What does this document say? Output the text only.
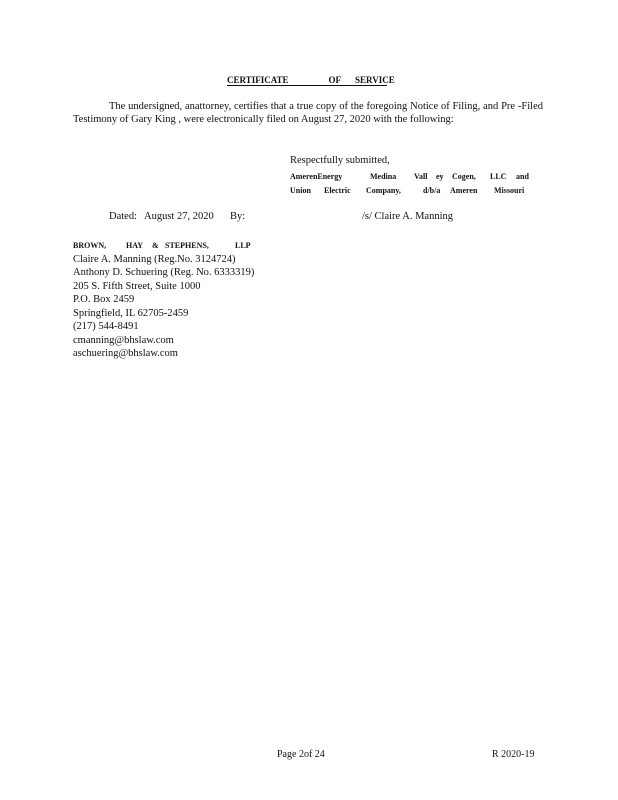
CERTIFICATE	OF SERVICE
The undersigned, anattorney, certifies that a true copy of the foregoing Notice of Filing, and Pre -Filed Testimony of Gary King , were electronically filed on August 27, 2020 with the following:
Respectfully submitted,
AmerenEnergy	Medina Vall ey Cogen, LLC and
Union Electric Company,	d/b/a Ameren Missouri
Dated: August 27, 2020 By:	/s/ Claire A. Manning
BROWN, HAY & STEPHENS,	LLP
Claire A. Manning (Reg.No. 3124724)
Anthony D. Schuering (Reg. No. 6333319)
205 S. Fifth Street, Suite 1000
P.O. Box 2459
Springfield, IL 62705-2459
(217) 544-8491
cmanning@bhslaw.com
aschuering@bhslaw.com
Page 2of 24	R 2020-19
